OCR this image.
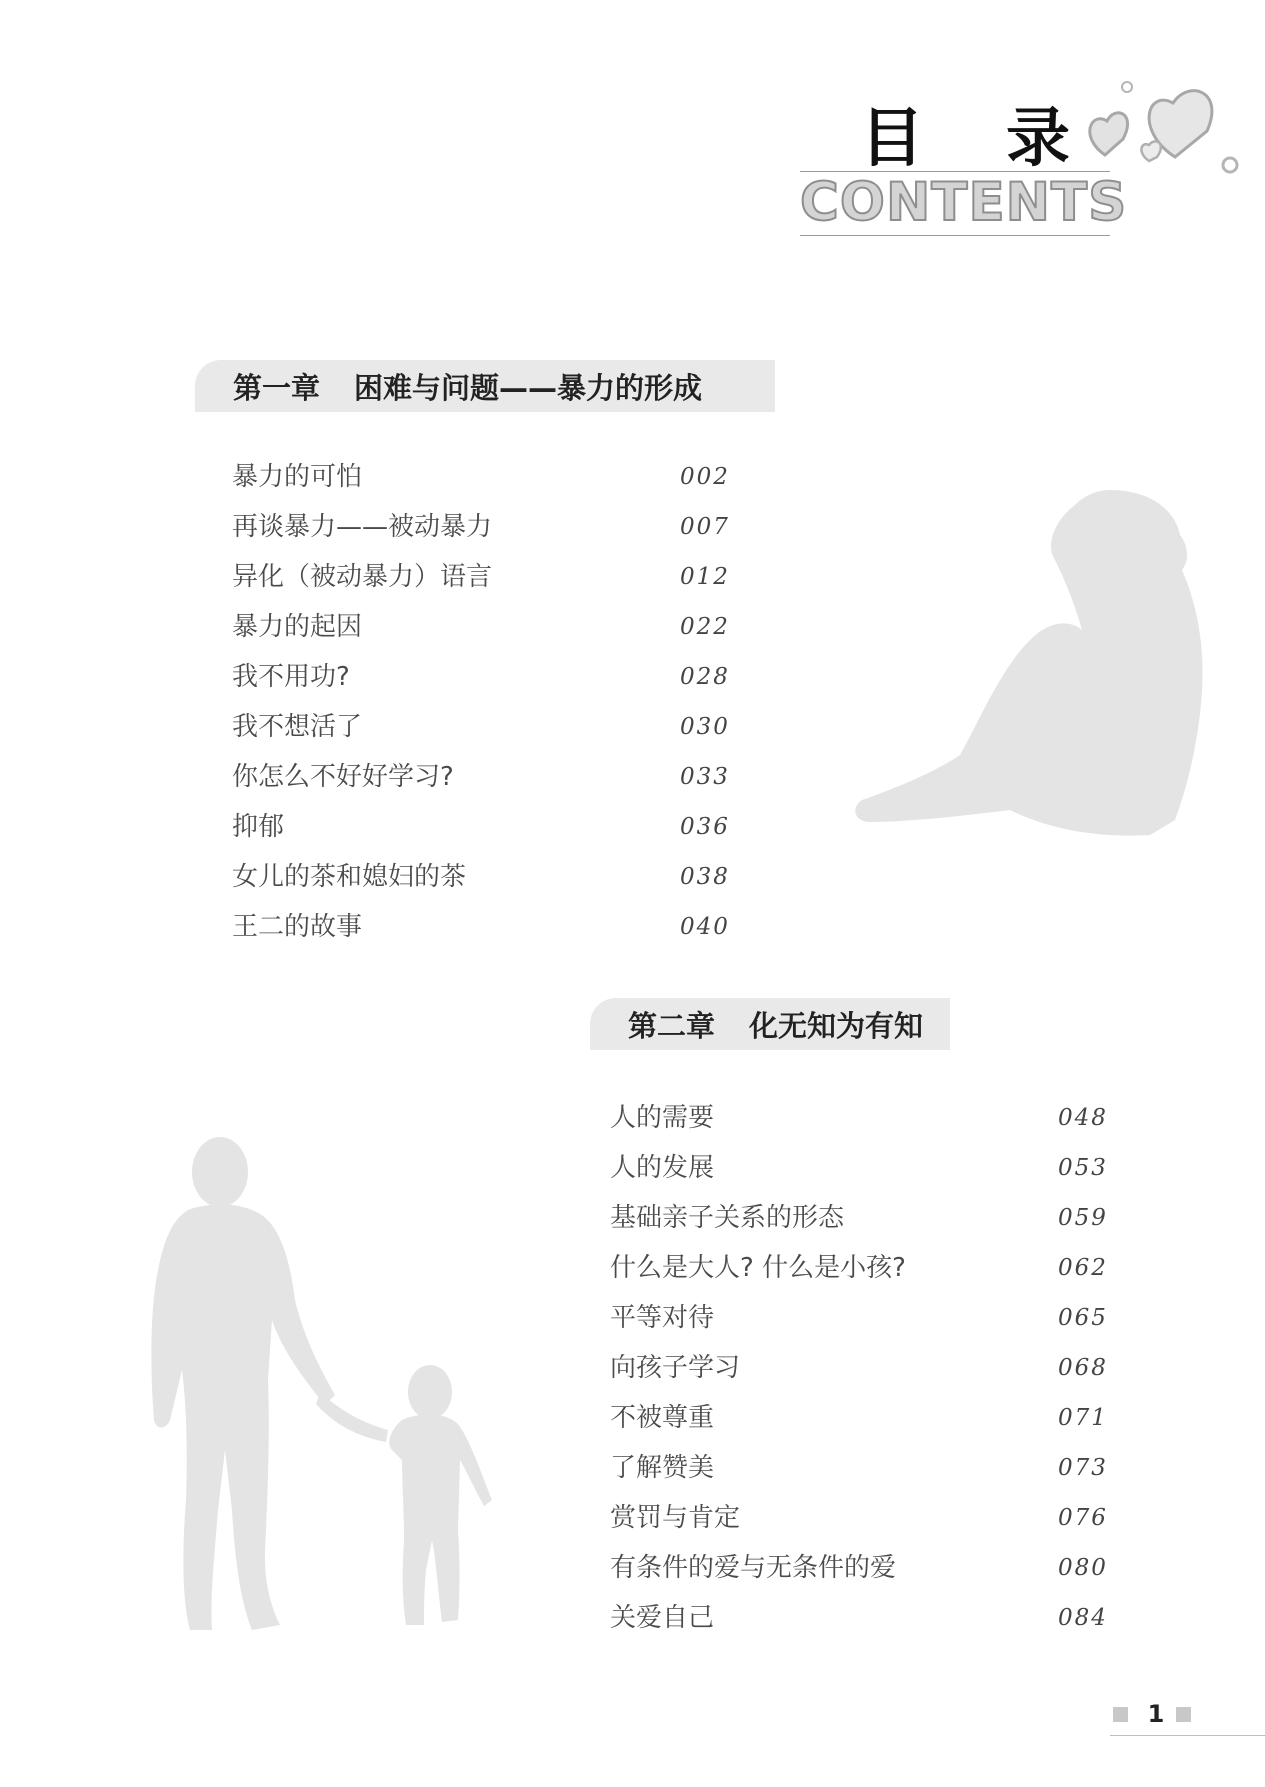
目 录
CONTENTS
第一章 困难与问题——暴力的形成
暴力的可怕	002
再谈暴力——被动暴力	007
异化（被动暴力）语言	012
暴力的起因	022
我不用功?	028
我不想活了	030
你怎么不好好学习?	033
抑郁	036
女儿的茶和媳妇的茶	038
王二的故事	040
第二章 化无知为有知
人的需要	048
人的发展	053
基础亲子关系的形态	059
什么是大人? 什么是小孩?	062
平等对待	065
向孩子学习	068
不被尊重	071
了解赞美	073
赏罚与肯定	076
有条件的爱与无条件的爱	080
关爱自己	084
1
